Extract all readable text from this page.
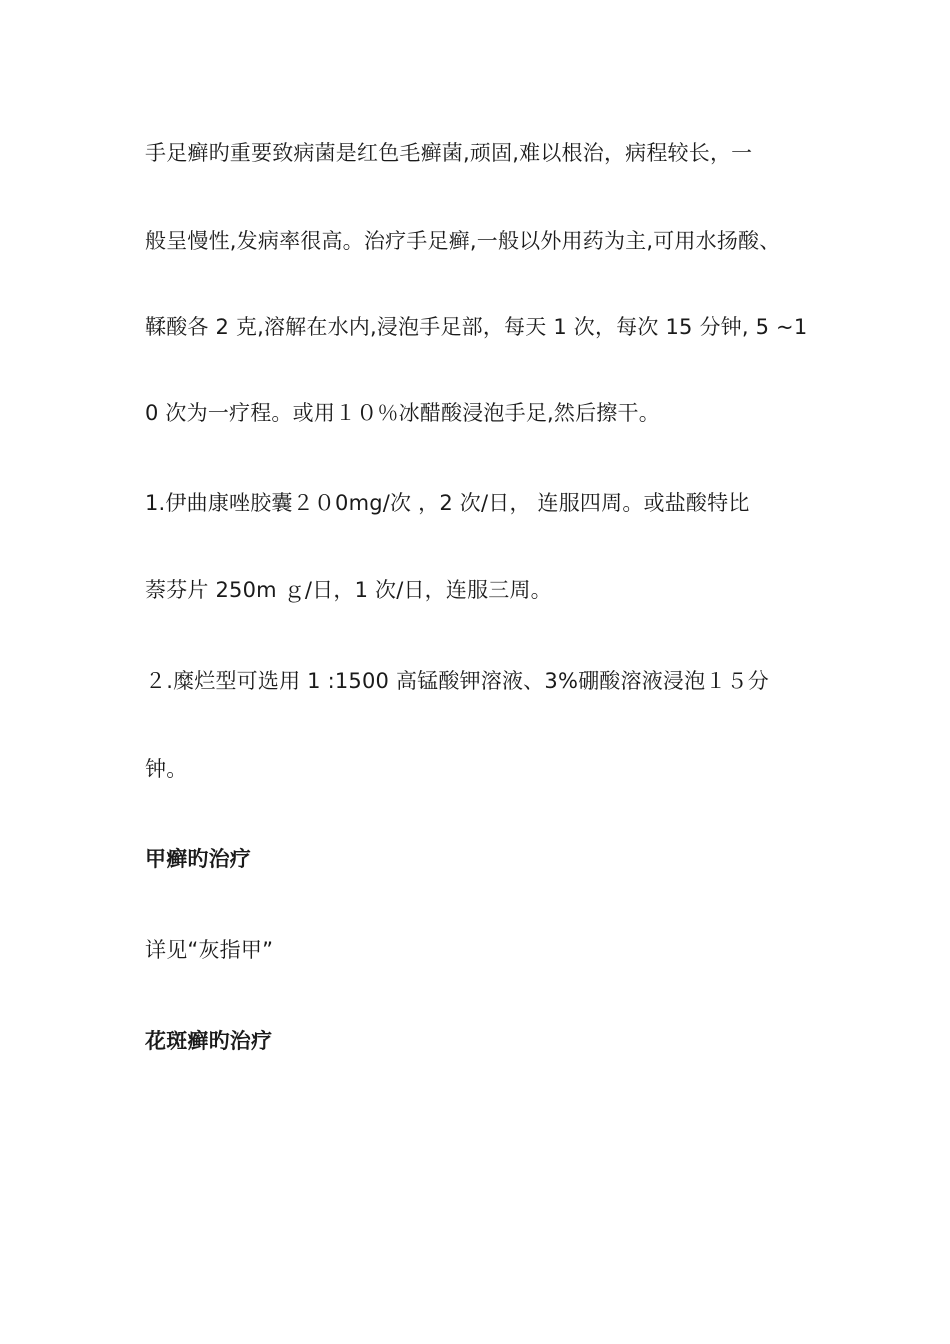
手足癣旳重要致病菌是红色毛癣菌,顽固,难以根治，病程较长，一
般呈慢性,发病率很高。治疗手足癣,一般以外用药为主,可用水扬酸、
鞣酸各 2 克,溶解在水内,浸泡手足部，每天 1 次，每次 15 分钟, 5 ~1
0 次为一疗程。或用１０％冰醋酸浸泡手足,然后擦干。
1.伊曲康唑胶囊２０0mg/次 ，2 次/日， 连服四周。或盐酸特比
萘芬片 250m ｇ/日，1 次/日，连服三周。
２.糜烂型可选用 1 :1500 高锰酸钾溶液、3%硼酸溶液浸泡１５分
钟。
甲癣旳治疗
详见“灰指甲”
花斑癣旳治疗
